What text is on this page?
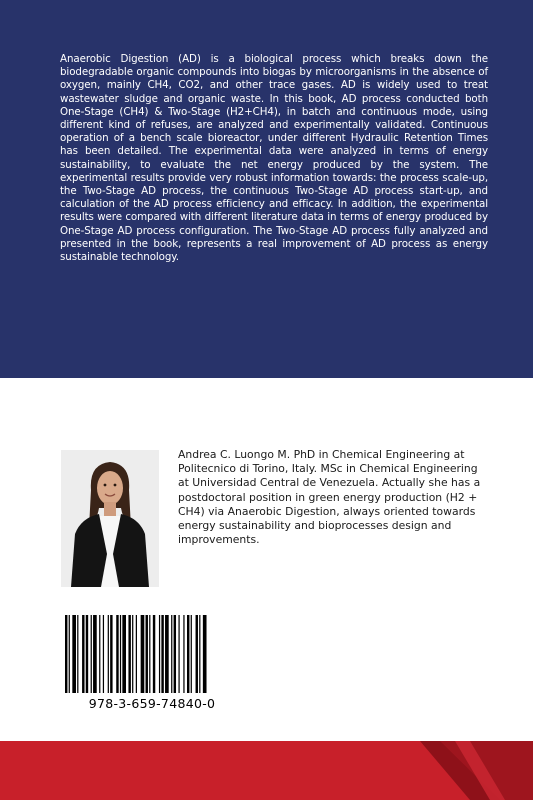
Anaerobic Digestion (AD) is a biological process which breaks down the biodegradable organic compounds into biogas by microorganisms in the absence of oxygen, mainly CH4, CO2, and other trace gases. AD is widely used to treat wastewater sludge and organic waste. In this book, AD process conducted both One-Stage (CH4) & Two-Stage (H2+CH4), in batch and continuous mode, using different kind of refuses, are analyzed and experimentally validated. Continuous operation of a bench scale bioreactor, under different Hydraulic Retention Times has been detailed. The experimental data were analyzed in terms of energy sustainability, to evaluate the net energy produced by the system. The experimental results provide very robust information towards: the process scale-up, the Two-Stage AD process, the continuous Two-Stage AD process start-up, and calculation of the AD process efficiency and efficacy. In addition, the experimental results were compared with different literature data in terms of energy produced by One-Stage AD process configuration. The Two-Stage AD process fully analyzed and presented in the book, represents a real improvement of AD process as energy sustainable technology.

Andrea C. Luongo M. PhD in Chemical Engineering at Politecnico di Torino, Italy. MSc in Chemical Engineering at Universidad Central de Venezuela. Actually she has a postdoctoral position in green energy production (H2 + CH4) via Anaerobic Digestion, always oriented towards energy sustainability and bioprocesses design and improvements.

978-3-659-74840-0
